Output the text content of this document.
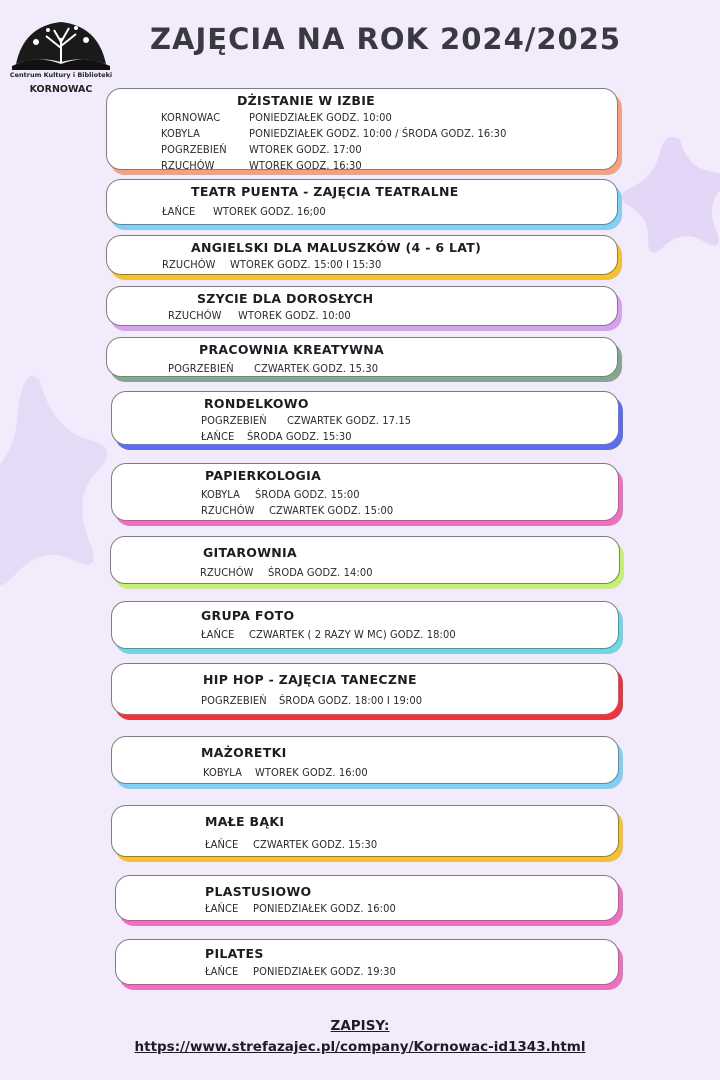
Centrum Kultury i Biblioteki
KORNOWAC
ZAJĘCIA NA ROK 2024/2025
DŻISTANIE W IZBIE
KORNOWAC	PONIEDZIAŁEK GODZ. 10:00
KOBYLA	PONIEDZIAŁEK GODZ. 10:00 / ŚRODA GODZ. 16:30
POGRZEBIEŃ WTOREK GODZ. 17:00
RZUCHÓW	WTOREK GODZ. 16:30
TEATR PUENTA - ZAJĘCIA TEATRALNE
ŁAŃCE WTOREK GODZ. 16;00
ANGIELSKI DLA MALUSZKÓW (4 - 6 LAT)
RZUCHÓW WTOREK GODZ. 15:00 I 15:30
SZYCIE DLA DOROSŁYCH
RZUCHÓW WTOREK GODZ. 10:00
PRACOWNIA KREATYWNA
POGRZEBIEŃ CZWARTEK GODZ. 15.30
RONDELKOWO
POGRZEBIEŃ CZWARTEK GODZ. 17.15
ŁAŃCE ŚRODA GODZ. 15:30
PAPIERKOLOGIA
KOBYLA ŚRODA GODZ. 15:00
RZUCHÓW CZWARTEK GODZ. 15:00
GITAROWNIA
RZUCHÓW ŚRODA GODZ. 14:00
GRUPA FOTO
ŁAŃCE CZWARTEK ( 2 RAZY W MC) GODZ. 18:00
HIP HOP - ZAJĘCIA TANECZNE
POGRZEBIEŃ ŚRODA GODZ. 18:00 I 19:00
MAŻORETKI
KOBYLA WTOREK GODZ. 16:00
MAŁE BĄKI
ŁAŃCE CZWARTEK GODZ. 15:30
PLASTUSIOWO
ŁAŃCE PONIEDZIAŁEK GODZ. 16:00
PILATES
ŁAŃCE PONIEDZIAŁEK GODZ. 19:30
ZAPISY:
https://www.strefazajec.pl/company/Kornowac-id1343.html
